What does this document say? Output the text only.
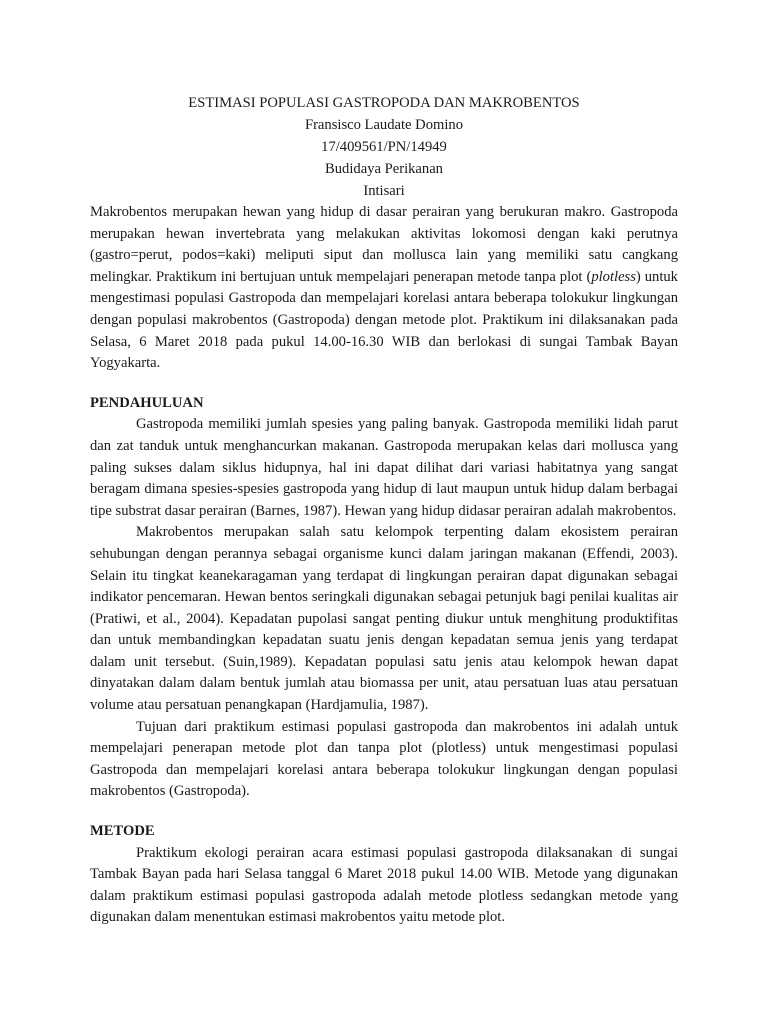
ESTIMASI POPULASI GASTROPODA DAN MAKROBENTOS
Fransisco Laudate Domino
17/409561/PN/14949
Budidaya Perikanan
Intisari

Makrobentos merupakan hewan yang hidup di dasar perairan yang berukuran makro. Gastropoda merupakan hewan invertebrata yang melakukan aktivitas lokomosi dengan kaki perutnya (gastro=perut, podos=kaki) meliputi siput dan mollusca lain yang memiliki satu cangkang melingkar. Praktikum ini bertujuan untuk mempelajari penerapan metode tanpa plot (plotless) untuk mengestimasi populasi Gastropoda dan mempelajari korelasi antara beberapa tolokukur lingkungan dengan populasi makrobentos (Gastropoda) dengan metode plot. Praktikum ini dilaksanakan pada Selasa, 6 Maret 2018 pada pukul 14.00-16.30 WIB dan berlokasi di sungai Tambak Bayan Yogyakarta.

PENDAHULUAN

Gastropoda memiliki jumlah spesies yang paling banyak. Gastropoda memiliki lidah parut dan zat tanduk untuk menghancurkan makanan. Gastropoda merupakan kelas dari mollusca yang paling sukses dalam siklus hidupnya, hal ini dapat dilihat dari variasi habitatnya yang sangat beragam dimana spesies-spesies gastropoda yang hidup di laut maupun untuk hidup dalam berbagai tipe substrat dasar perairan (Barnes, 1987). Hewan yang hidup didasar perairan adalah makrobentos.

Makrobentos merupakan salah satu kelompok terpenting dalam ekosistem perairan sehubungan dengan perannya sebagai organisme kunci dalam jaringan makanan (Effendi, 2003). Selain itu tingkat keanekaragaman yang terdapat di lingkungan perairan dapat digunakan sebagai indikator pencemaran. Hewan bentos seringkali digunakan sebagai petunjuk bagi penilai kualitas air (Pratiwi, et al., 2004). Kepadatan pupolasi sangat penting diukur untuk menghitung produktifitas dan untuk membandingkan kepadatan suatu jenis dengan kepadatan semua jenis yang terdapat dalam unit tersebut. (Suin,1989). Kepadatan populasi satu jenis atau kelompok hewan dapat dinyatakan dalam dalam bentuk jumlah atau biomassa per unit, atau persatuan luas atau persatuan volume atau persatuan penangkapan (Hardjamulia, 1987).

Tujuan dari praktikum estimasi populasi gastropoda dan makrobentos ini adalah untuk mempelajari penerapan metode plot dan tanpa plot (plotless) untuk mengestimasi populasi Gastropoda dan mempelajari korelasi antara beberapa tolokukur lingkungan dengan populasi makrobentos (Gastropoda).

METODE

Praktikum ekologi perairan acara estimasi populasi gastropoda dilaksanakan di sungai Tambak Bayan pada hari Selasa tanggal 6 Maret 2018 pukul 14.00 WIB. Metode yang digunakan dalam praktikum estimasi populasi gastropoda adalah metode plotless sedangkan metode yang digunakan dalam menentukan estimasi makrobentos yaitu metode plot.
